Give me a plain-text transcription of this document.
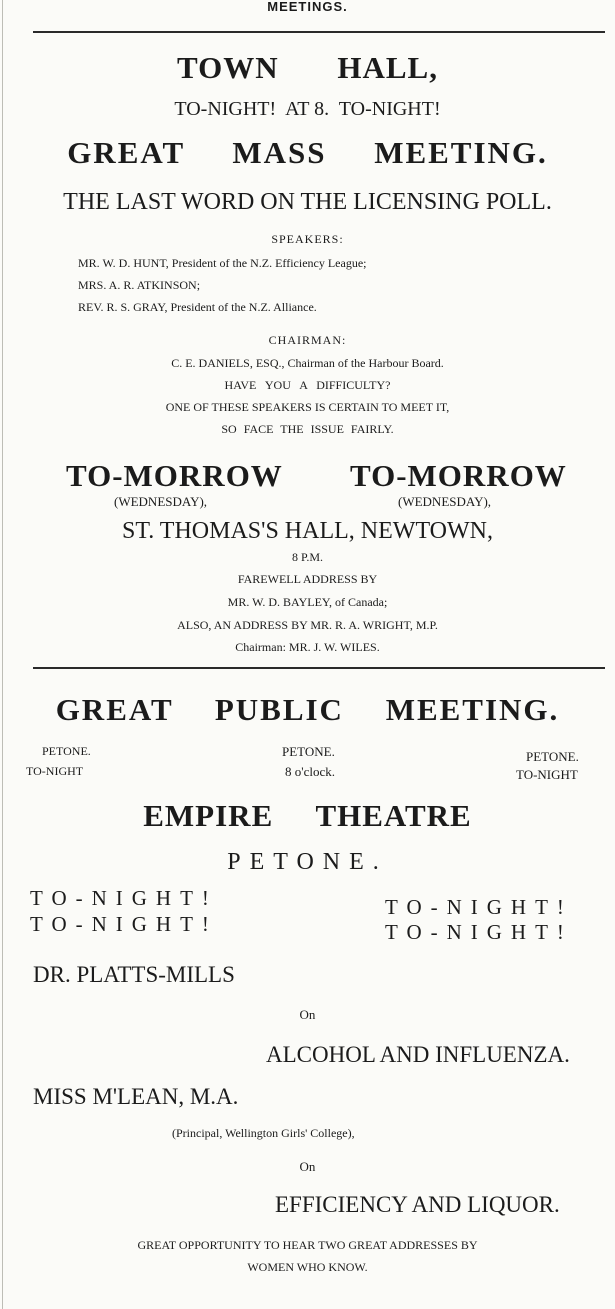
MEETINGS.
TOWN HALL,
TO-NIGHT!  AT 8.  TO-NIGHT!
GREAT MASS MEETING.
THE LAST WORD ON THE LICENSING POLL.
SPEAKERS:
MR. W. D. HUNT, President of the N.Z. Efficiency League;
MRS. A. R. ATKINSON;
REV. R. S. GRAY, President of the N.Z. Alliance.
CHAIRMAN:
C. E. DANIELS, ESQ., Chairman of the Harbour Board.
HAVE YOU A DIFFICULTY?
ONE OF THESE SPEAKERS IS CERTAIN TO MEET IT,
SO FACE THE ISSUE FAIRLY.
TO-MORROW TO-MORROW
(WEDNESDAY),	(WEDNESDAY),
ST. THOMAS'S HALL, NEWTOWN,
8 P.M.
FAREWELL ADDRESS BY
MR. W. D. BAYLEY, of Canada;
ALSO, AN ADDRESS BY MR. R. A. WRIGHT, M.P.
Chairman: MR. J. W. WILES.
GREAT PUBLIC MEETING.
PETONE.
TO-NIGHT
PETONE.
8 o'clock.
PETONE.
TO-NIGHT
EMPIRE THEATRE
PETONE.
TO-NIGHT!
TO-NIGHT!
TO-NIGHT!
TO-NIGHT!
DR. PLATTS-MILLS
On
ALCOHOL AND INFLUENZA.
MISS M'LEAN, M.A.
(Principal, Wellington Girls' College),
On
EFFICIENCY AND LIQUOR.
GREAT OPPORTUNITY TO HEAR TWO GREAT ADDRESSES BY
WOMEN WHO KNOW.
